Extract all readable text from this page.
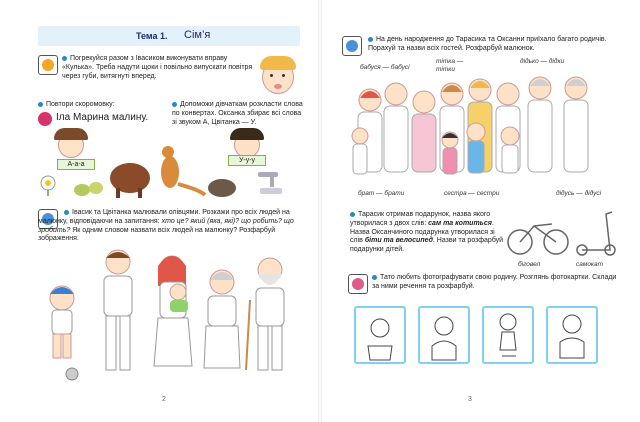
Тема 1. Сім’я
Погрекуйся разом з Івасиком виконувати вправу «Кулька». Треба надути щоки і повільно випускати повітря через губи, витягнуті вперед.
Повтори скоромовку:
Іла Марина малину.
Допоможи дівчаткам розкласти слова по конвертах. Оксанка збирає всі слова зі звуком А, Цвітанка — У.
А-а-а
У-у-у
Івасик та Цвітанка малювали олівцями. Розкажи про всіх людей на малюнку, відповідаючи на запитання: хто це? який (яка, які)? що робить? що зробить? Як одним словом назвати всіх людей на малюнку? Розфарбуй зображення.
2
На день народження до Тарасика та Оксанни приїхало багато родичів. Порахуй та назви всіх гостей. Розфарбуй малюнок.
бабуся — бабусі
тітка — тітки
дідько — дідки
брат — брати	сестра — сестри	дідусь — дідусі
Тарасик отримав подарунок, назва якого утворилася з двох слів: сам та котиться. Назва Оксанчиного подарунка утворилася зі слів біти та велосипед. Назви та розфарбуй подарунки дітей.
біговел	самокат
Тато любить фотографувати свою родину. Розглянь фотокартки. Склади за ними речення та розфарбуй.
3
